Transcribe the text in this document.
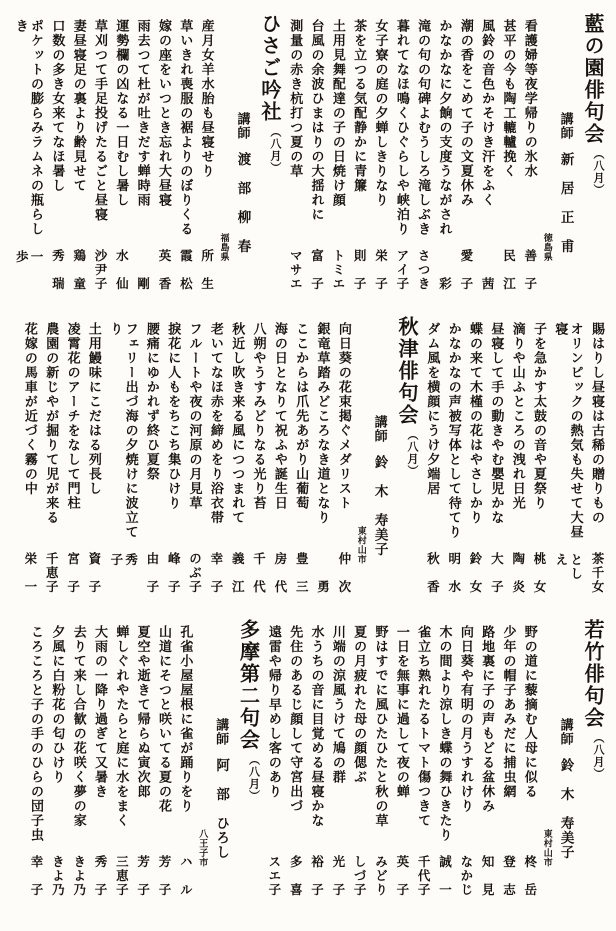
藍の園俳句会
（八月）
講師
新　居　正　甫
徳島県
看護婦等夜学帰りの氷水
善　子
甚平の今も陶工轆轤挽く
民　江
風鈴の音色かそけき汗をふく
茜
潮の香をこめて子の文夏休み
愛　子
かなかなに夕餉の支度うながされ
彩
滝の句の句碑よむうしろ滝しぶき
さつき
暮れてなほ鳴くひぐらしや峡泊り
アイ子
女子寮の庭の夕蝉しきりなり
栄　子
茶を立つる気配静かに青簾
則　子
土用見舞配達の子の日焼け顔
トミエ
台風の余波ひまはりの大揺れに
富　子
測量の赤き杭打つ夏の草
マサエ
ひさご吟社
（八月）
講師
渡　部　柳　春
福島県
産月女羊水胎も昼寝せり
所　生
草いきれ喪服の裾よりのぼりくる
霞　松
嫁の座をいつとき忘れ大昼寝
英　香
雨去つて杜が吐きだす蝉時雨
剛
運勢欄の凶なる一日むし暑し
水　仙
草刈つて手足投げたるごと昼寝
沙尹子
妻昼寝足の裏より齢見せて
鶏　童
口数の多き女来てなほ暑し
秀　瑞
ポケットの膨らみラムネの瓶らしき
一　歩
賜はりし昼寝は古稀の贈りもの
茶千女
オリンピックの熱気も失せて大昼寝
としえ
子を急かす太鼓の音や夏祭り
桃　女
滴りや山ふところの洩れ日光
陶　炎
昼寝して手の動きやむ嬰児かな
大　子
蝶の来て木槿の花はやさしかり
鈴　女
かなかなの声被写体として待てり
明　水
ダム風を横顔にうけ夕端居
秋　香
秋津俳句会
（八月）
講師
鈴　木　寿美子
東村山市
向日葵の花束掲ぐメダリスト
仲　次
銀竜草踏みどころなき道となり
勇
ここからは爪先あがり山葡萄
豊　三
海の日となりて祝ふや誕生日
房　代
八朔やうすみどりなる光り苔
千　代
秋近し吹き来る風につつまれて
義　江
老いてなほ赤を締めをり浴衣帯
幸　子
フルートや夜の河原の月見草
のぶ子
捩花に人もをちこち集ひけり
峰　子
腰痛にゆかれず終ひ夏祭
由　子
フェリー出づ海の夕焼けに波立てり
秀　子
土用鰻味にこだはる列長し
資　子
凌霄花のアーチをなして門柱
宮　子
農園の新じやが掘りて児が来る
千恵子
花嫁の馬車が近づく霧の中
栄　一
若竹俳句会
（八月）
講師
鈴　木　寿美子
東村山市
野の道に藜摘む人母に似る
柊　岳
少年の帽子あみだに捕虫網
登　志
路地裏に子の声もどる盆休み
知　見
向日葵や有明の月うすれけり
なかじ
木の間より涼しき蝶の舞ひきたり
誠　一
雀立ち熟れたるトマト傷つきて
千代子
一日を無事に過して夜の蝉
英　子
野はすでに風ひたひたと秋の草
みどり
夏の月疲れた母の顔偲ぶ
しづ子
川端の涼風うけて鳩の群
光　子
水うちの音に目覚める昼寝かな
裕　子
先住のあるじ顔して守宮出づ
多　喜
遠雷や帰り早めし客のあり
スエ子
多摩第二句会
（八月）
講師
阿　部　ひろし
八王子市
孔雀小屋屋根に雀が踊りをり
ハ　ル
山道にそつと咲いてる夏の花
芳　子
夏空や逝きて帰らぬ寅次郎
芳　子
蝉しぐれやたらと庭に水をまく
三恵子
大雨の一降り過ぎて又暑き
秀　子
去りて来し合歓の花咲く夢の家
きよ乃
夕風に白粉花の匂ひけり
きよ乃
ころころと子の手のひらの団子虫
幸　子
